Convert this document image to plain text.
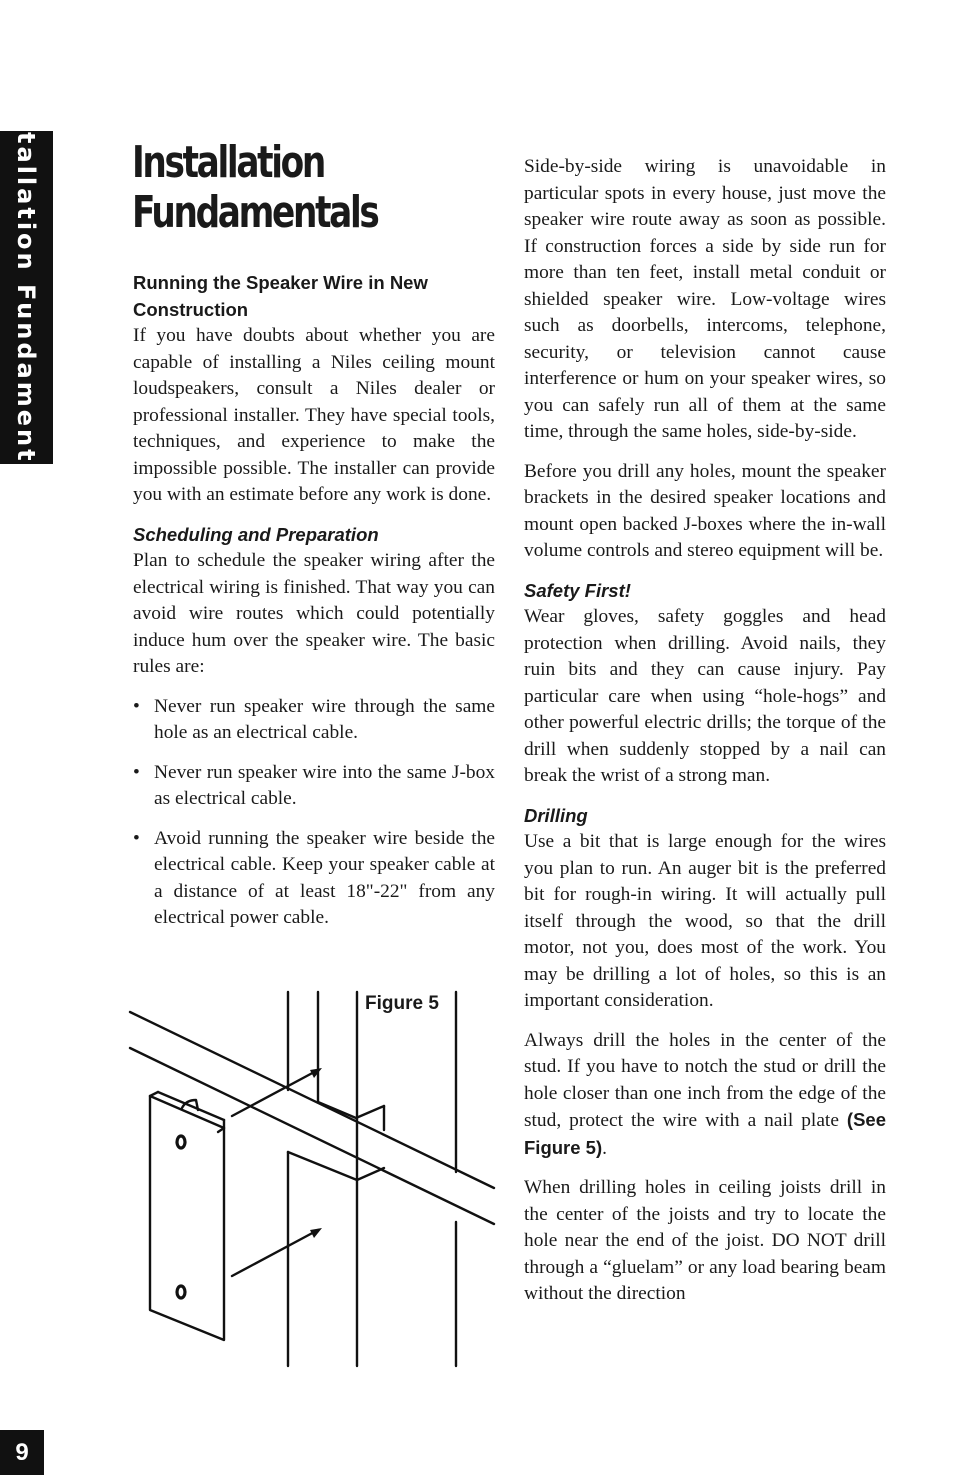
Installation Fundamentals Installation
Fundamentals
Running the Speaker Wire in New
Construction

If you have doubts about whether you are capable of installing a Niles ceiling mount loudspeakers, consult a Niles dealer or professional installer. They have special tools, techniques, and experience to make the impossible possible. The installer can provide you with an estimate before any work is done.

Scheduling and Preparation

Plan to schedule the speaker wiring after the electrical wiring is finished. That way you can avoid wire routes which could potentially induce hum over the speaker wire. The basic rules are:

• Never run speaker wire through the same hole as an electrical cable.
• Never run speaker wire into the same J-box as electrical cable.
• Avoid running the speaker wire beside the electrical cable. Keep your speaker cable at a distance of at least 18"-22" from any electrical power cable.
Figure 5

Side-by-side wiring is unavoidable in particular spots in every house, just move the speaker wire route away as soon as possible. If construction forces a side by side run for more than ten feet, install metal conduit or shielded speaker wire. Low-voltage wires such as doorbells, intercoms, telephone, security, or television cannot cause interference or hum on your speaker wires, so you can safely run all of them at the same time, through the same holes, side-by-side.

Before you drill any holes, mount the speaker brackets in the desired speaker locations and mount open backed J-boxes where the in-wall volume controls and stereo equipment will be.

Safety First!

Wear gloves, safety goggles and head protection when drilling. Avoid nails, they ruin bits and they can cause injury. Pay particular care when using “hole-hogs” and other powerful electric drills; the torque of the drill when suddenly stopped by a nail can break the wrist of a strong man.

Drilling

Use a bit that is large enough for the wires you plan to run. An auger bit is the preferred bit for rough-in wiring. It will actually pull itself through the wood, so that the drill motor, not you, does most of the work. You may be drilling a lot of holes, so this is an important consideration.

Always drill the holes in the center of the stud. If you have to notch the stud or drill the hole closer than one inch from the edge of the stud, protect the wire with a nail plate (See Figure 5).

When drilling holes in ceiling joists drill in the center of the joists and try to locate the hole near the end of the joist. DO NOT drill through a “gluelam” or any load bearing beam without the direction

9
